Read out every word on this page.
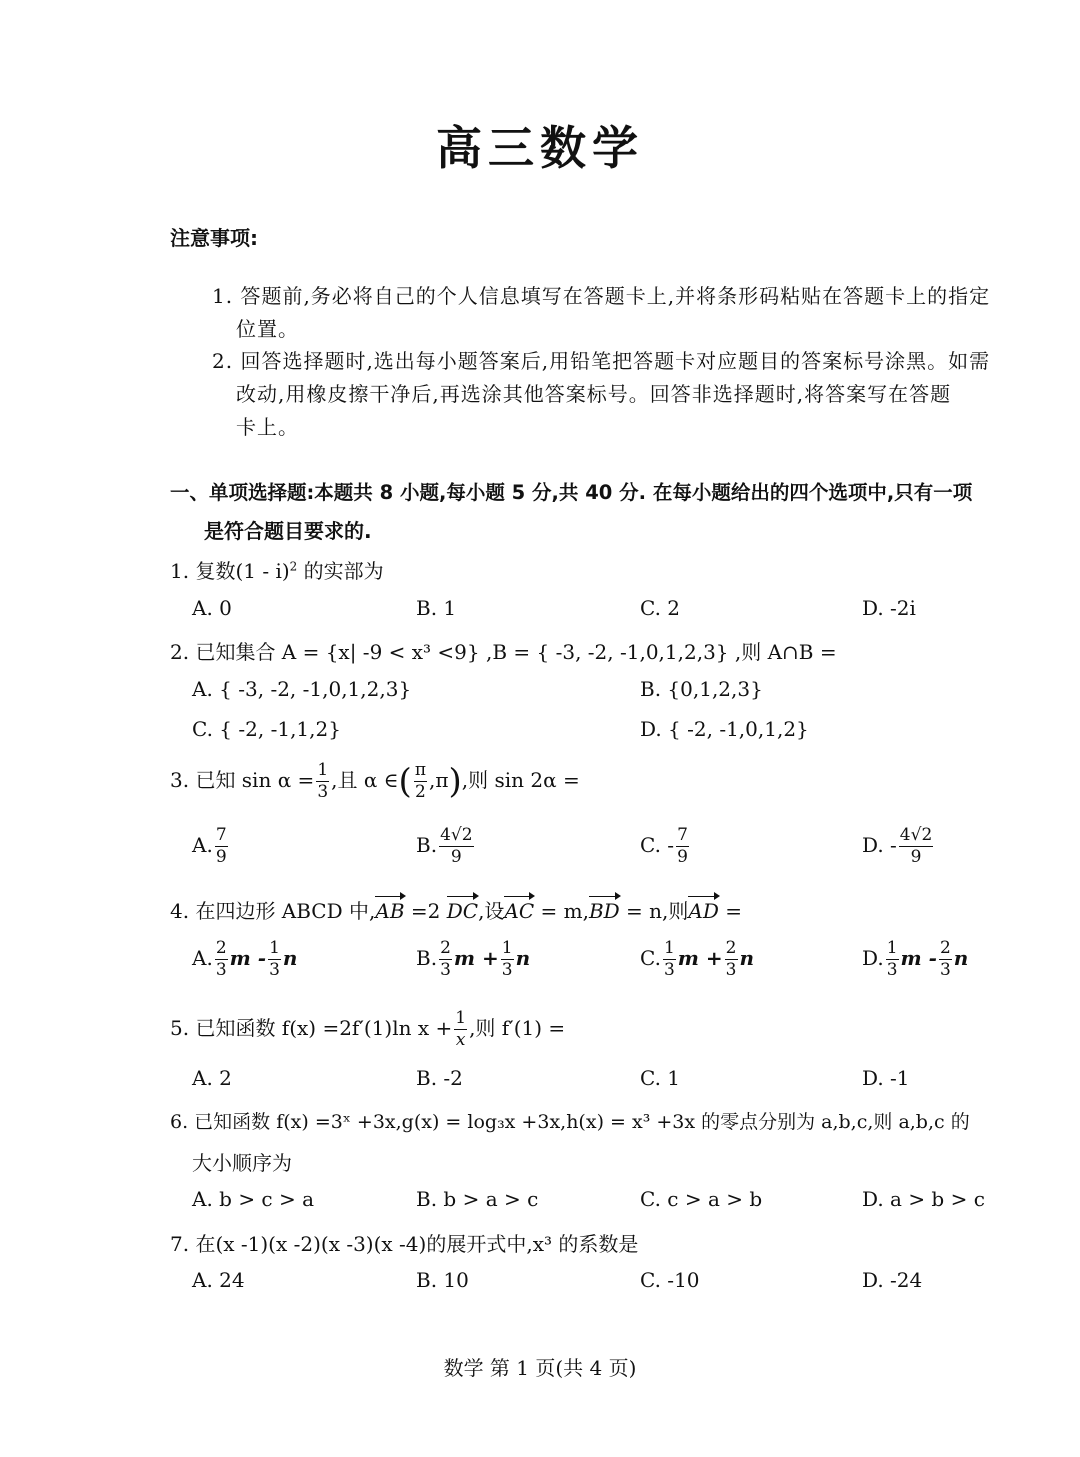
高三数学
注意事项:
1. 答题前,务必将自己的个人信息填写在答题卡上,并将条形码粘贴在答题卡上的指定
位置。
2. 回答选择题时,选出每小题答案后,用铅笔把答题卡对应题目的答案标号涂黑。如需
改动,用橡皮擦干净后,再选涂其他答案标号。回答非选择题时,将答案写在答题
卡上。
一、单项选择题:本题共 8 小题,每小题 5 分,共 40 分. 在每小题给出的四个选项中,只有一项
是符合题目要求的.
1. 复数(1 - i)$^2$ 的实部为
A. 0	B. 1	C. 2	D. -2i
2. 已知集合 A = {x| -9 < x³ <9} ,B = { -3, -2, -1,0,1,2,3} ,则 A∩B =
A. { -3, -2, -1,0,1,2,3}	B. {0,1,2,3}
C. { -2, -1,1,2}	D. { -2, -1,0,1,2}
3. 已知 $\sin \alpha = \frac{1}{3}$ ,且 α ∈( $\frac{\pi}{2} ,\pi$),则 sin 2α =
A. $\frac{7}{9}$	B. $\frac{4√2}{9}$	C. - $\frac{7}{9}$	D. - $\frac{4√2}{9}$
4. 在四边形 ABCD 中,AB =2 DC,设AC = m,BD = n,则AD =
A. $\frac{2}{3}$ m - $\frac{1}{3}$ n	B. $\frac{2}{3}$ $m + \frac{1}{3}$ n	C. $\frac{1}{3}$ $m + \frac{2}{3}$ n	D. $\frac{1}{3}$ m - $\frac{2}{3}$ n
5. 已知函数 f(x) =2f′(1)ln $x + \frac{1}{x}$ ,则 f′(1) =
A. 2	B. -2	C. 1	D. -1
6. 已知函数 f(x) =3ˣ +3x,g(x) = log₃x +3x,h(x) = x³ +3x 的零点分别为 a,b,c,则 a,b,c 的
大小顺序为
A. b > c > a	B. b > a > c	C. c > a > b	D. a > b > c
7. 在(x -1)(x -2)(x -3)(x -4)的展开式中,x³ 的系数是
A. 24	B. 10	C. -10	D. -24
数学 第 1 页(共 4 页)
